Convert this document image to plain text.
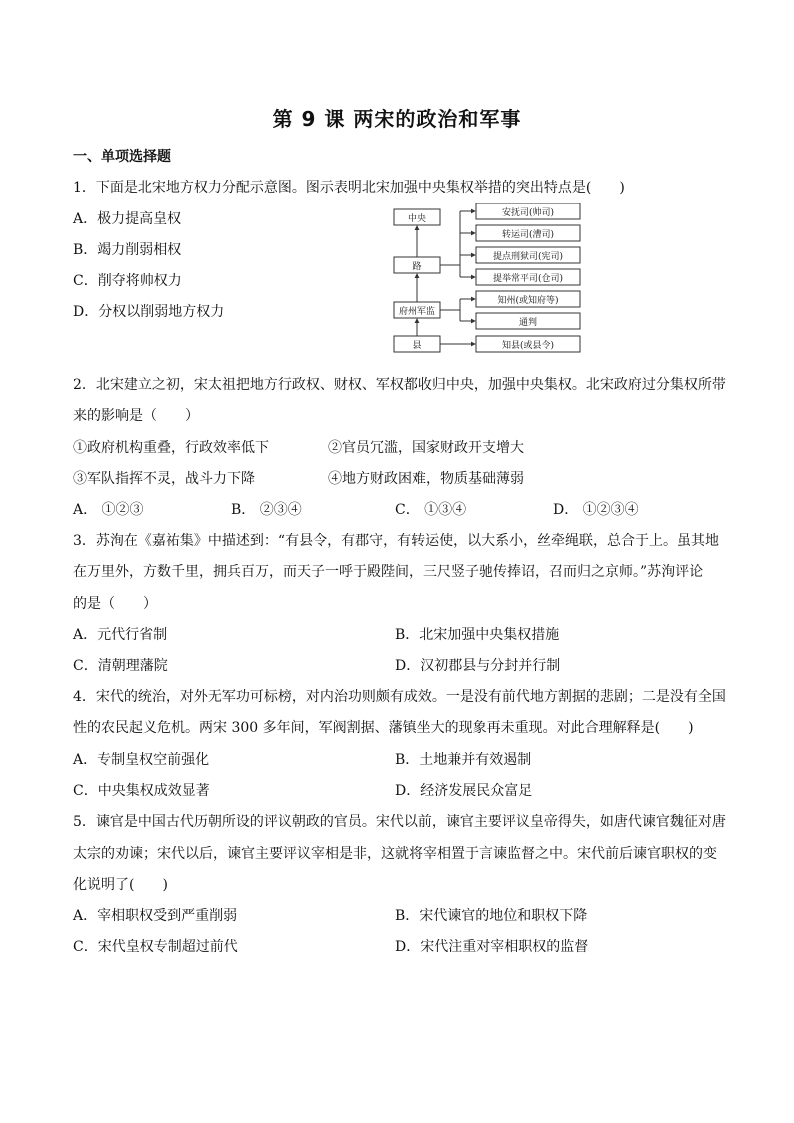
第 9 课 两宋的政治和军事
一、单项选择题
1．下面是北宋地方权力分配示意图。图示表明北宋加强中央集权举措的突出特点是(　　)
A．极力提高皇权
B．竭力削弱相权
C．削夺将帅权力
D．分权以削弱地方权力
中央
路
府州军监
县
安抚司(帅司)
转运司(漕司)
提点刑狱司(宪司)
提举常平司(仓司)
知州(或知府等)
通判
知县(或县令)
2．北宋建立之初，宋太祖把地方行政权、财权、军权都收归中央，加强中央集权。北宋政府过分集权所带
来的影响是（　　）
①政府机构重叠，行政效率低下	②官员冗滥，国家财政开支增大
③军队指挥不灵，战斗力下降	④地方财政困难，物质基础薄弱
A． ①②③	B． ②③④	C． ①③④	D． ①②③④
3．苏洵在《嘉祐集》中描述到：“有县令，有郡守，有转运使，以大系小，丝牵绳联，总合于上。虽其地
在万里外，方数千里，拥兵百万，而天子一呼于殿陛间，三尺竖子驰传捧诏，召而归之京师。”苏洵评论
的是（　　）
A．元代行省制	B．北宋加强中央集权措施
C．清朝理藩院	D．汉初郡县与分封并行制
4．宋代的统治，对外无军功可标榜，对内治功则颇有成效。一是没有前代地方割据的悲剧；二是没有全国
性的农民起义危机。两宋 300 多年间，军阀割据、藩镇坐大的现象再未重现。对此合理解释是(　　)
A．专制皇权空前强化	B．土地兼并有效遏制
C．中央集权成效显著	D．经济发展民众富足
5．谏官是中国古代历朝所设的评议朝政的官员。宋代以前，谏官主要评议皇帝得失，如唐代谏官魏征对唐
太宗的劝谏；宋代以后，谏官主要评议宰相是非，这就将宰相置于言谏监督之中。宋代前后谏官职权的变
化说明了(　　)
A．宰相职权受到严重削弱	B．宋代谏官的地位和职权下降
C．宋代皇权专制超过前代	D．宋代注重对宰相职权的监督
